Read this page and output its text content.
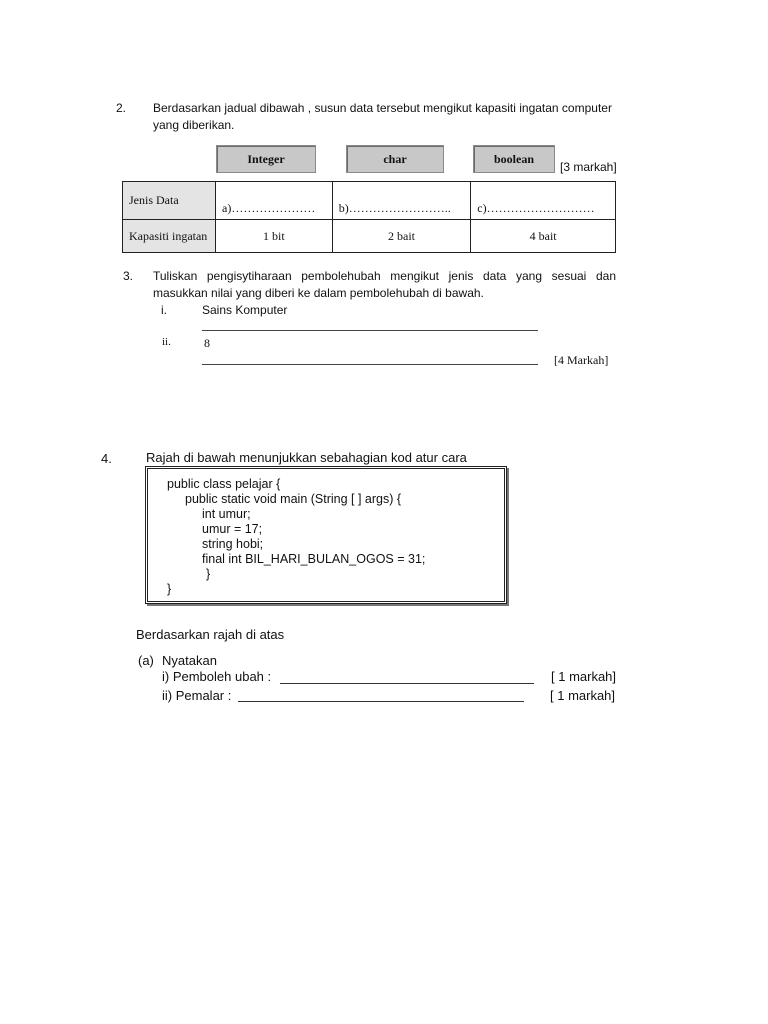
2. Berdasarkan jadual dibawah , susun data tersebut mengikut kapasiti ingatan computer yang diberikan.
Integer	char	boolean
[3 markah]
Jenis Data	a)…………………	b)……………………..	c)………………………
Kapasiti ingatan	1 bit	2 bait	4 bait
3. Tuliskan pengisytiharaan pembolehubah mengikut jenis data yang sesuai dan masukkan nilai yang diberi ke dalam pembolehubah di bawah.
i.	Sains Komputer
ii.	8
[4 Markah]
4.	Rajah di bawah menunjukkan sebahagian kod atur cara
public class pelajar {
public static void main (String [ ] args) {
int umur;
umur = 17;
string hobi;
final int BIL_HARI_BULAN_OGOS = 31;
}
}
Berdasarkan rajah di atas
(a) Nyatakan
i) Pemboleh ubah :	[ 1 markah]
ii) Pemalar :	[ 1 markah]
